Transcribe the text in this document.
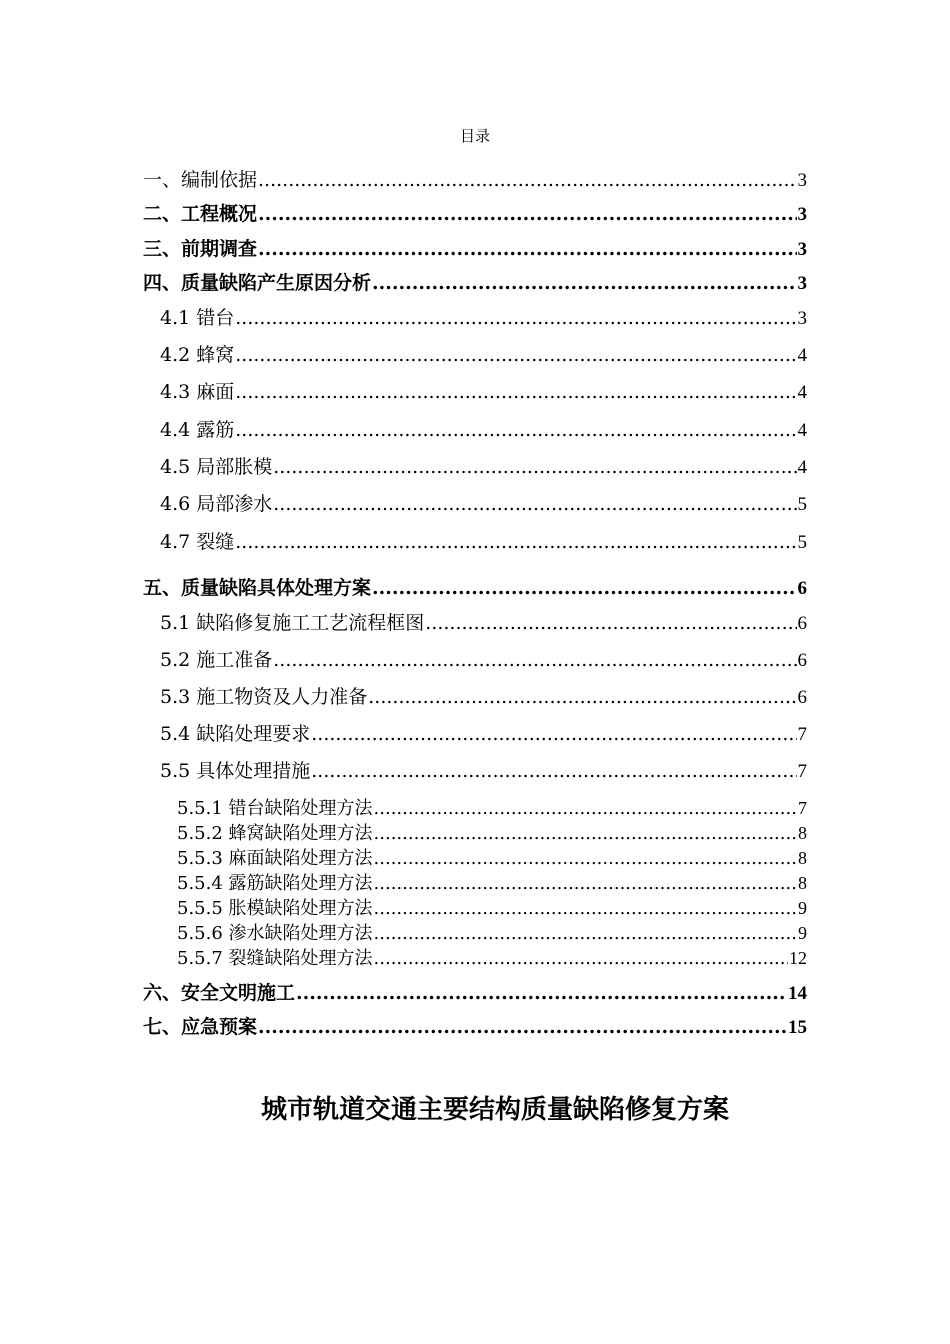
目录
一、编制依据 .....	3
二、工程概况 .....	3
三、前期调查 .....	3
四、质量缺陷产生原因分析 .....	3
4.1 错台 .....	3
4.2 蜂窝 .....	4
4.3 麻面 .....	4
4.4 露筋 .....	4
4.5 局部胀模 .....	4
4.6 局部渗水 .....	5
4.7 裂缝 .....	5
五、质量缺陷具体处理方案 .....	6
5.1 缺陷修复施工工艺流程框图 .....	6
5.2 施工准备 .....	6
5.3 施工物资及人力准备 .....	6
5.4 缺陷处理要求 .....	7
5.5 具体处理措施 .....	7
5.5.1 错台缺陷处理方法 .....	7
5.5.2 蜂窝缺陷处理方法 .....	8
5.5.3 麻面缺陷处理方法 .....	8
5.5.4 露筋缺陷处理方法 .....	8
5.5.5 胀模缺陷处理方法 .....	9
5.5.6 渗水缺陷处理方法 .....	9
5.5.7 裂缝缺陷处理方法 .....	12
六、安全文明施工 .....	14
七、应急预案 .....	15
城市轨道交通主要结构质量缺陷修复方案
